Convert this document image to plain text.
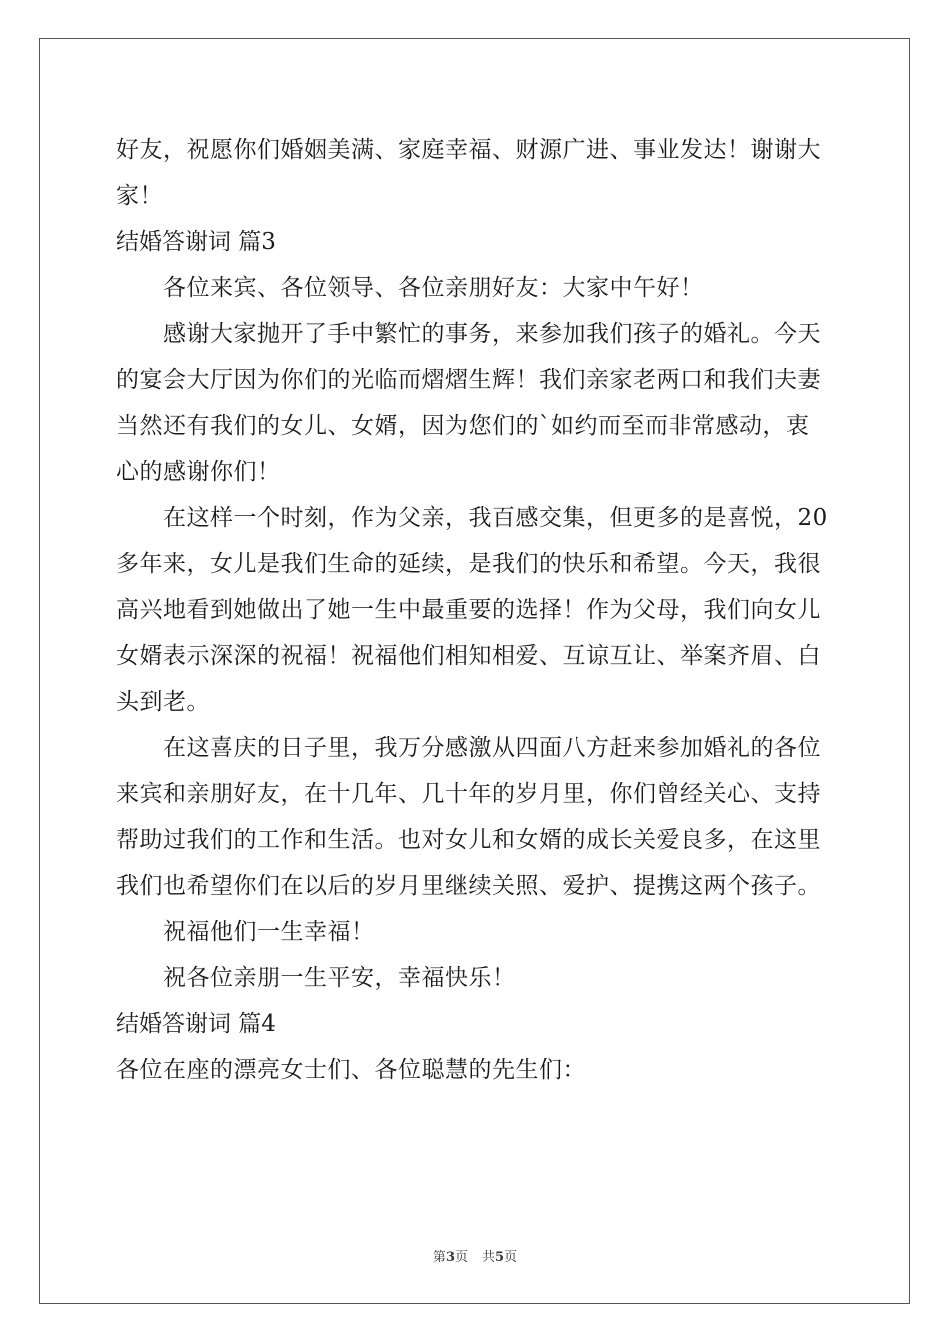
好友，祝愿你们婚姻美满、家庭幸福、财源广进、事业发达！谢谢大
家！
结婚答谢词 篇3
各位来宾、各位领导、各位亲朋好友：大家中午好！
感谢大家抛开了手中繁忙的事务，来参加我们孩子的婚礼。今天
的宴会大厅因为你们的光临而熠熠生辉！我们亲家老两口和我们夫妻
当然还有我们的女儿、女婿，因为您们的`如约而至而非常感动，衷
心的感谢你们！
在这样一个时刻，作为父亲，我百感交集，但更多的是喜悦，20
多年来，女儿是我们生命的延续，是我们的快乐和希望。今天，我很
高兴地看到她做出了她一生中最重要的选择！作为父母，我们向女儿
女婿表示深深的祝福！祝福他们相知相爱、互谅互让、举案齐眉、白
头到老。
在这喜庆的日子里，我万分感激从四面八方赶来参加婚礼的各位
来宾和亲朋好友，在十几年、几十年的岁月里，你们曾经关心、支持
帮助过我们的工作和生活。也对女儿和女婿的成长关爱良多，在这里
我们也希望你们在以后的岁月里继续关照、爱护、提携这两个孩子。
祝福他们一生幸福！
祝各位亲朋一生平安，幸福快乐！
结婚答谢词 篇4
各位在座的漂亮女士们、各位聪慧的先生们：
第3页 共5页
